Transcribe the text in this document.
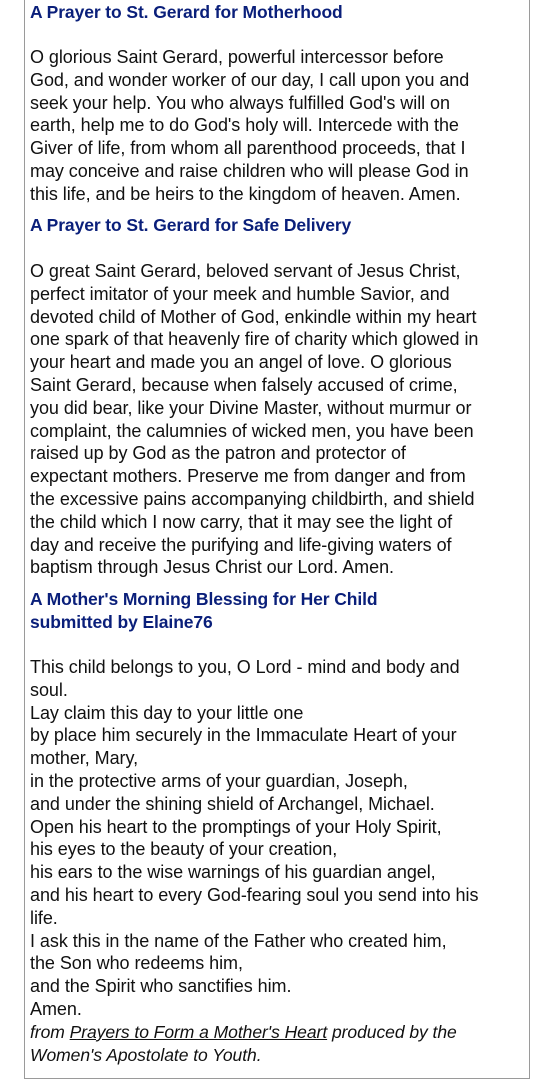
A Prayer to St. Gerard for Motherhood
O glorious Saint Gerard, powerful intercessor before
God, and wonder worker of our day, I call upon you and
seek your help. You who always fulfilled God's will on
earth, help me to do God's holy will. Intercede with the
Giver of life, from whom all parenthood proceeds, that I
may conceive and raise children who will please God in
this life, and be heirs to the kingdom of heaven. Amen.
A Prayer to St. Gerard for Safe Delivery
O great Saint Gerard, beloved servant of Jesus Christ,
perfect imitator of your meek and humble Savior, and
devoted child of Mother of God, enkindle within my heart
one spark of that heavenly fire of charity which glowed in
your heart and made you an angel of love. O glorious
Saint Gerard, because when falsely accused of crime,
you did bear, like your Divine Master, without murmur or
complaint, the calumnies of wicked men, you have been
raised up by God as the patron and protector of
expectant mothers. Preserve me from danger and from
the excessive pains accompanying childbirth, and shield
the child which I now carry, that it may see the light of
day and receive the purifying and life-giving waters of
baptism through Jesus Christ our Lord. Amen.
A Mother's Morning Blessing for Her Child
submitted by Elaine76
This child belongs to you, O Lord - mind and body and
soul.
Lay claim this day to your little one
by place him securely in the Immaculate Heart of your
mother, Mary,
in the protective arms of your guardian, Joseph,
and under the shining shield of Archangel, Michael.
Open his heart to the promptings of your Holy Spirit,
his eyes to the beauty of your creation,
his ears to the wise warnings of his guardian angel,
and his heart to every God-fearing soul you send into his
life.
I ask this in the name of the Father who created him,
the Son who redeems him,
and the Spirit who sanctifies him.
Amen.
from Prayers to Form a Mother's Heart produced by the
Women's Apostolate to Youth.
